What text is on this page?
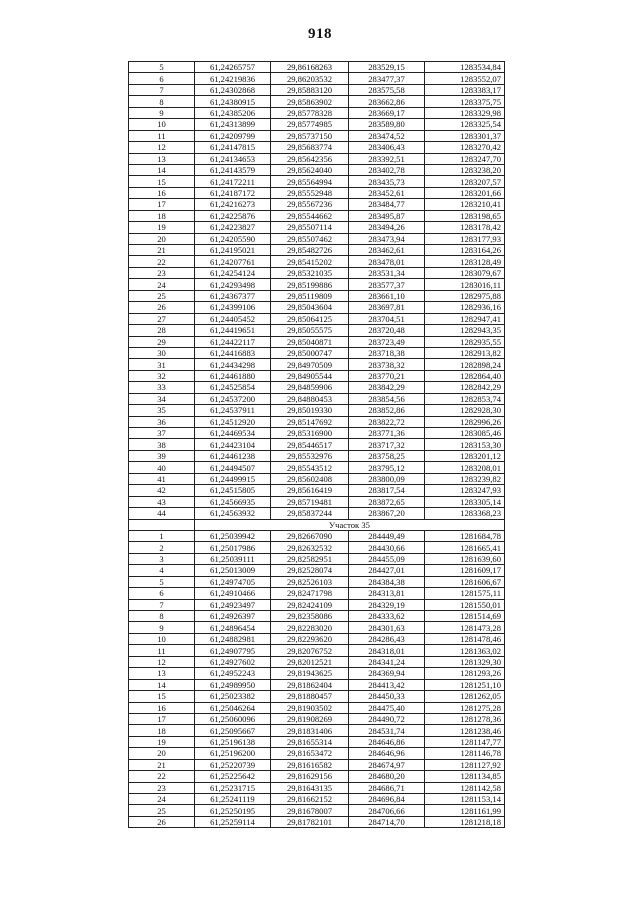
918
5	61,24265757	29,86168263	283529,15	1283534,84
6	61,24219836	29,86203532	283477,37	1283552,07
7	61,24302868	29,85883120	283575,58	1283383,17
8	61,24380915	29,85863902	283662,86	1283375,75
9	61,24385206	29,85778328	283669,17	1283329,98
10	61,24313899	29,85774985	283589,80	1283325,54
11	61,24209799	29,85737150	283474,52	1283301,37
12	61,24147815	29,85683774	283406,43	1283270,42
13	61,24134653	29,85642356	283392,51	1283247,70
14	61,24143579	29,85624040	283402,78	1283238,20
15	61,24172211	29,85564994	283435,73	1283207,57
16	61,24187172	29,85552948	283452,61	1283201,66
17	61,24216273	29,85567236	283484,77	1283210,41
18	61,24225876	29,85544662	283495,87	1283198,65
19	61,24223827	29,85507114	283494,26	1283178,42
20	61,24205590	29,85507462	283473,94	1283177,93
21	61,24195021	29,85482726	283462,61	1283164,26
22	61,24207761	29,85415202	283478,01	1283128,49
23	61,24254124	29,85321035	283531,34	1283079,67
24	61,24293498	29,85199886	283577,37	1283016,11
25	61,24367377	29,85119809	283661,10	1282975,88
26	61,24399106	29,85043604	283697,81	1282936,16
27	61,24405452	29,85064125	283704,51	1282947,41
28	61,24419651	29,85055575	283720,48	1282943,35
29	61,24422117	29,85040871	283723,49	1282935,55
30	61,24416883	29,85000747	283718,38	1282913,82
31	61,24434298	29,84970509	283738,32	1282898,24
32	61,24461880	29,84905544	283770,21	1282864,40
33	61,24525854	29,84859906	283842,29	1282842,29
34	61,24537200	29,84880453	283854,56	1282853,74
35	61,24537911	29,85019330	283852,86	1282928,30
36	61,24512920	29,85147692	283822,72	1282996,26
37	61,24469534	29,85316900	283771,36	1283085,46
38	61,24423104	29,85446517	283717,32	1283153,30
39	61,24461238	29,85532976	283758,25	1283201,12
40	61,24494507	29,85543512	283795,12	1283208,01
41	61,24499915	29,85602408	283800,09	1283239,82
42	61,24515805	29,85616419	283817,54	1283247,93
43	61,24566935	29,85719481	283872,65	1283305,14
44	61,24563932	29,85837244	283867,20	1283368,23
	Участок 35			
1	61,25039942	29,82667090	284449,49	1281684,78
2	61,25017986	29,82632532	284430,66	1281665,41
3	61,25039111	29,82582951	284455,09	1281639,60
4	61,25013009	29,82528074	284427,01	1281609,17
5	61,24974705	29,82526103	284384,38	1281606,67
6	61,24910466	29,82471798	284313,81	1281575,11
7	61,24923497	29,82424109	284329,19	1281550,01
8	61,24926397	29,82358086	284333,62	1281514,69
9	61,24896454	29,82283020	284301,63	1281473,28
10	61,24882981	29,82293620	284286,43	1281478,46
11	61,24907795	29,82076752	284318,01	1281363,02
12	61,24927602	29,82012521	284341,24	1281329,30
13	61,24952243	29,81943625	284369,94	1281293,26
14	61,24989950	29,81862404	284413,42	1281251,10
15	61,25023382	29,81880457	284450,33	1281262,05
16	61,25046264	29,81903502	284475,40	1281275,28
17	61,25060096	29,81908269	284490,72	1281278,36
18	61,25095667	29,81831406	284531,74	1281238,46
19	61,25196138	29,81655314	284646,86	1281147,77
20	61,25196200	29,81653472	284646,96	1281146,78
21	61,25220739	29,81616582	284674,97	1281127,92
22	61,25225642	29,81629156	284680,20	1281134,85
23	61,25231715	29,81643135	284686,71	1281142,58
24	61,25241119	29,81662152	284696,84	1281153,14
25	61,25250195	29,81678007	284706,66	1281161,99
26	61,25259114	29,81782101	284714,70	1281218,18
